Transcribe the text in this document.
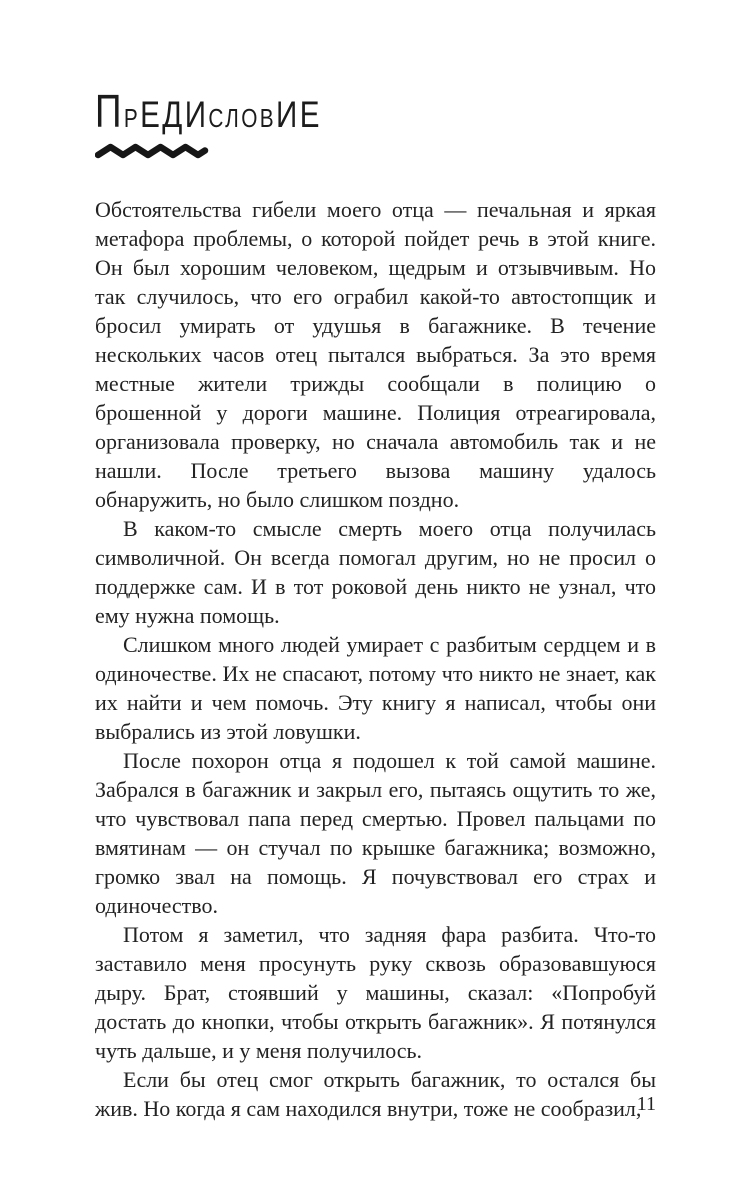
ПРЕДИСЛОВИЕ

Обстоятельства гибели моего отца — печальная и яркая метафора проблемы, о которой пойдет речь в этой книге. Он был хорошим человеком, щедрым и отзывчивым. Но так случилось, что его ограбил какой-то автостопщик и бросил умирать от удушья в багажнике. В течение нескольких часов отец пытался выбраться. За это время местные жители трижды сообщали в полицию о брошенной у дороги машине. Полиция отреагировала, организовала проверку, но сначала автомобиль так и не нашли. После третьего вызова машину удалось обнаружить, но было слишком поздно.

В каком-то смысле смерть моего отца получилась символичной. Он всегда помогал другим, но не просил о поддержке сам. И в тот роковой день никто не узнал, что ему нужна помощь.

Слишком много людей умирает с разбитым сердцем и в одиночестве. Их не спасают, потому что никто не знает, как их найти и чем помочь. Эту книгу я написал, чтобы они выбрались из этой ловушки.

После похорон отца я подошел к той самой машине. Забрался в багажник и закрыл его, пытаясь ощутить то же, что чувствовал папа перед смертью. Провел пальцами по вмятинам — он стучал по крышке багажника; возможно, громко звал на помощь. Я почувствовал его страх и одиночество.

Потом я заметил, что задняя фара разбита. Что-то заставило меня просунуть руку сквозь образовавшуюся дыру. Брат, стоявший у машины, сказал: «Попробуй достать до кнопки, чтобы открыть багажник». Я потянулся чуть дальше, и у меня получилось.

Если бы отец смог открыть багажник, то остался бы жив. Но когда я сам находился внутри, тоже не сообразил,

11
